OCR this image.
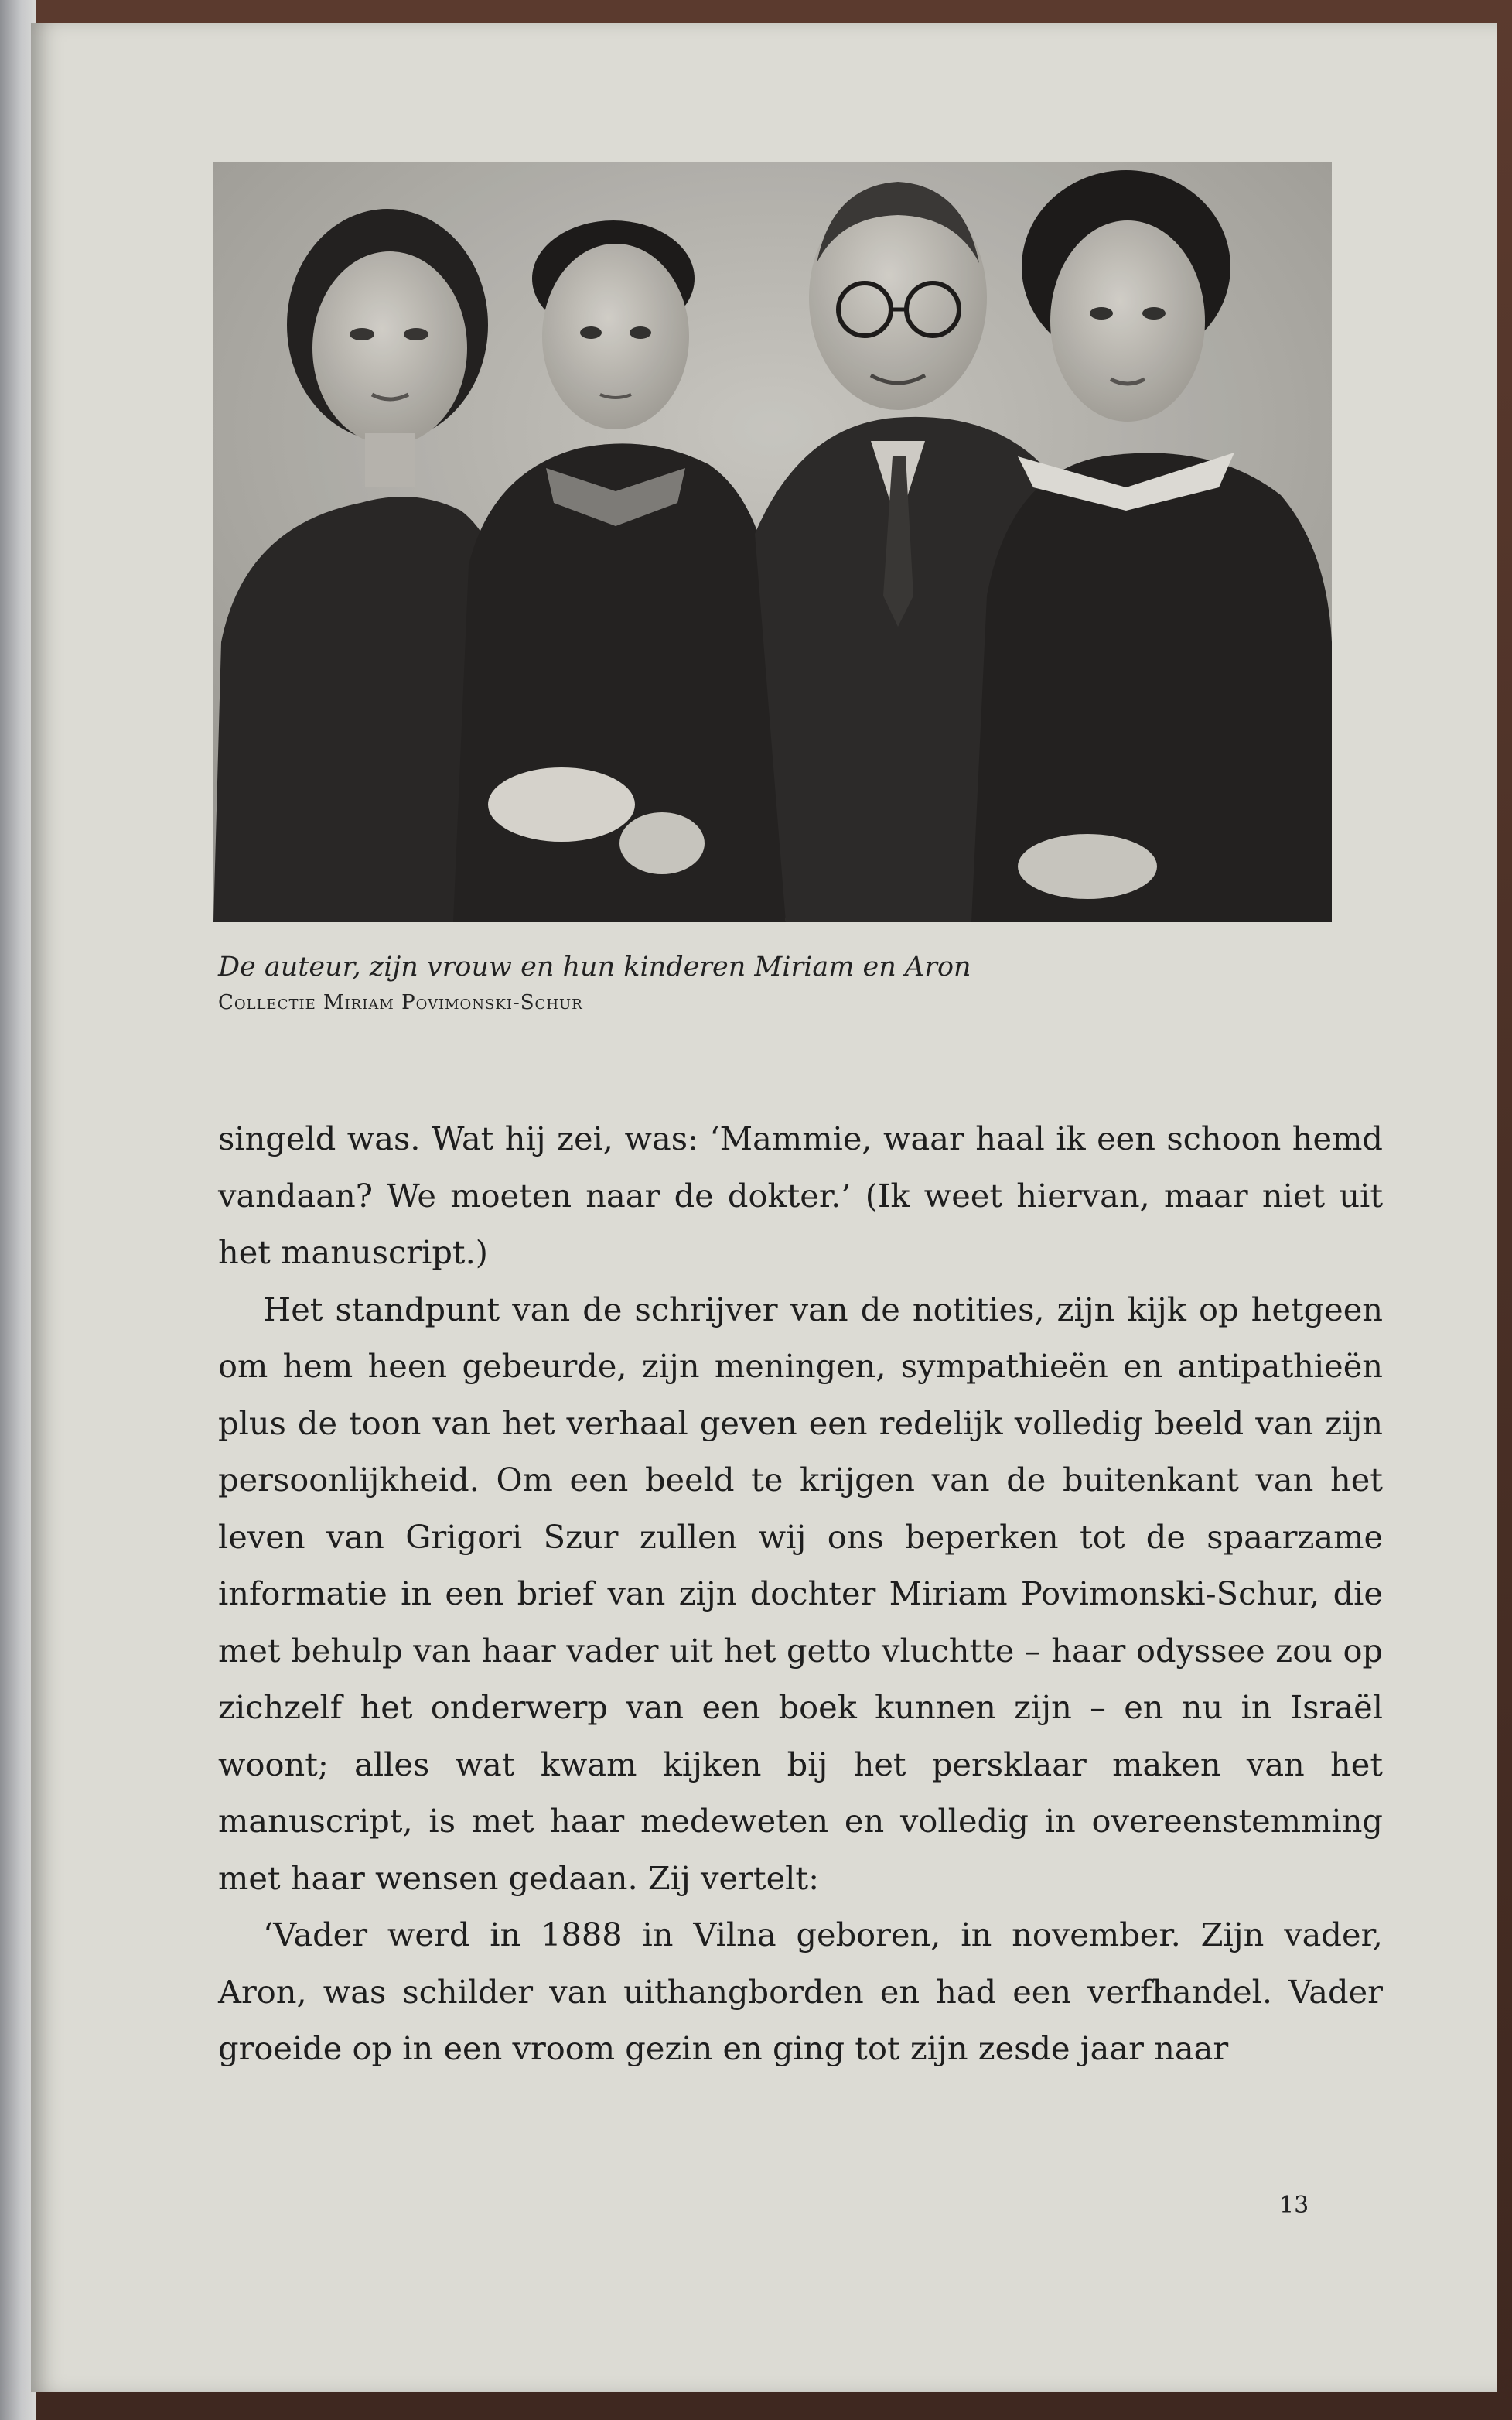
De auteur, zijn vrouw en hun kinderen Miriam en Aron

Collectie Miriam Povimonski-Schur

singeld was. Wat hij zei, was: ‘Mammie, waar haal ik een schoon hemd vandaan? We moeten naar de dokter.’ (Ik weet hiervan, maar niet uit het manuscript.)

Het standpunt van de schrijver van de notities, zijn kijk op hetgeen om hem heen gebeurde, zijn meningen, sympathieën en antipathieën plus de toon van het verhaal geven een redelijk volledig beeld van zijn persoonlijkheid. Om een beeld te krijgen van de buitenkant van het leven van Grigori Szur zullen wij ons beperken tot de spaarzame informatie in een brief van zijn dochter Miriam Povimonski-Schur, die met behulp van haar vader uit het getto vluchtte – haar odyssee zou op zichzelf het onderwerp van een boek kunnen zijn – en nu in Israël woont; alles wat kwam kijken bij het persklaar maken van het manuscript, is met haar medeweten en volledig in overeenstemming met haar wensen gedaan. Zij vertelt:

‘Vader werd in 1888 in Vilna geboren, in november. Zijn vader, Aron, was schilder van uithangborden en had een verfhandel. Vader groeide op in een vroom gezin en ging tot zijn zesde jaar naar

13
